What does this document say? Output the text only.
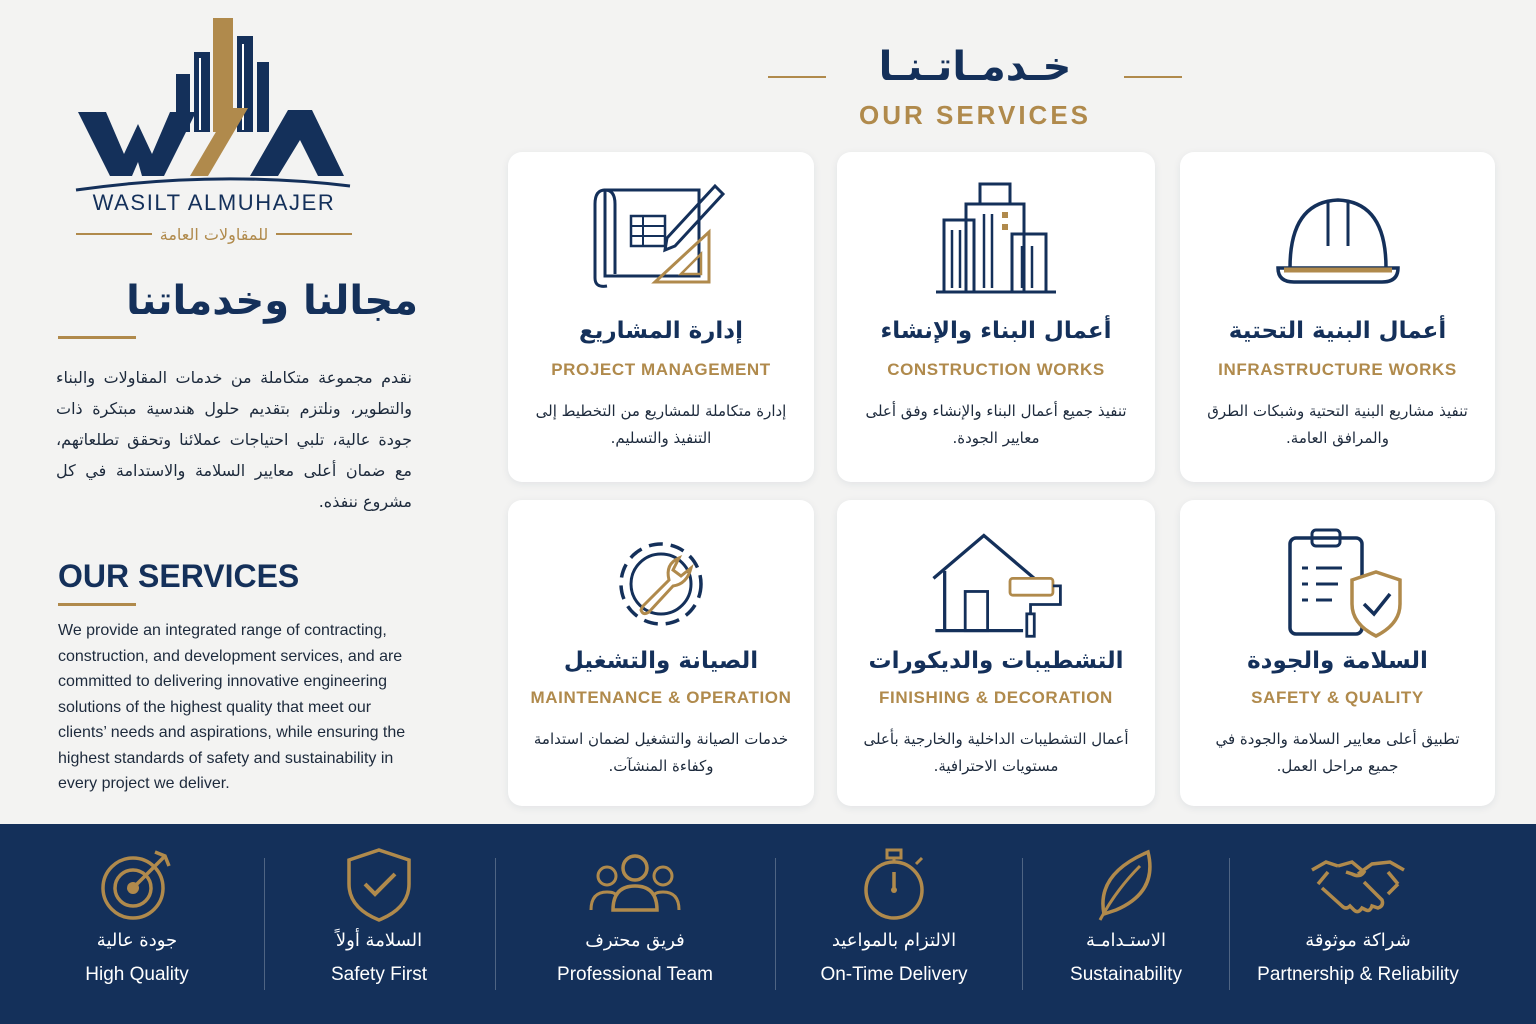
WASILT ALMUHAJER
للمقاولات العامة
مجالنا وخدماتنا
نقدم مجموعة متكاملة من خدمات المقاولات والبناء والتطوير، ونلتزم بتقديم حلول هندسية مبتكرة ذات جودة عالية، تلبي احتياجات عملائنا وتحقق تطلعاتهم، مع ضمان أعلى معايير السلامة والاستدامة في كل مشروع ننفذه.
OUR SERVICES
We provide an integrated range of contracting, construction, and development services, and are committed to delivering innovative engineering solutions of the highest quality that meet our clients’ needs and aspirations, while ensuring the highest standards of safety and sustainability in every project we deliver.
خـدمـاتـنـا
OUR SERVICES
إدارة المشاريع
PROJECT MANAGEMENT
إدارة متكاملة للمشاريع من التخطيط إلى التنفيذ والتسليم.
أعمال البناء والإنشاء
CONSTRUCTION WORKS
تنفيذ جميع أعمال البناء والإنشاء وفق أعلى معايير الجودة.
أعمال البنية التحتية
INFRASTRUCTURE WORKS
تنفيذ مشاريع البنية التحتية وشبكات الطرق والمرافق العامة.
الصيانة والتشغيل
MAINTENANCE & OPERATION
خدمات الصيانة والتشغيل لضمان استدامة وكفاءة المنشآت.
التشطيبات والديكورات
FINISHING & DECORATION
أعمال التشطيبات الداخلية والخارجية بأعلى مستويات الاحترافية.
السلامة والجودة
SAFETY & QUALITY
تطبيق أعلى معايير السلامة والجودة في جميع مراحل العمل.
جودة عالية
High Quality
السلامة أولاً
Safety First
فريق محترف
Professional Team
الالتزام بالمواعيد
On-Time Delivery
الاستـدامـة
Sustainability
شراكة موثوقة
Partnership & Reliability
